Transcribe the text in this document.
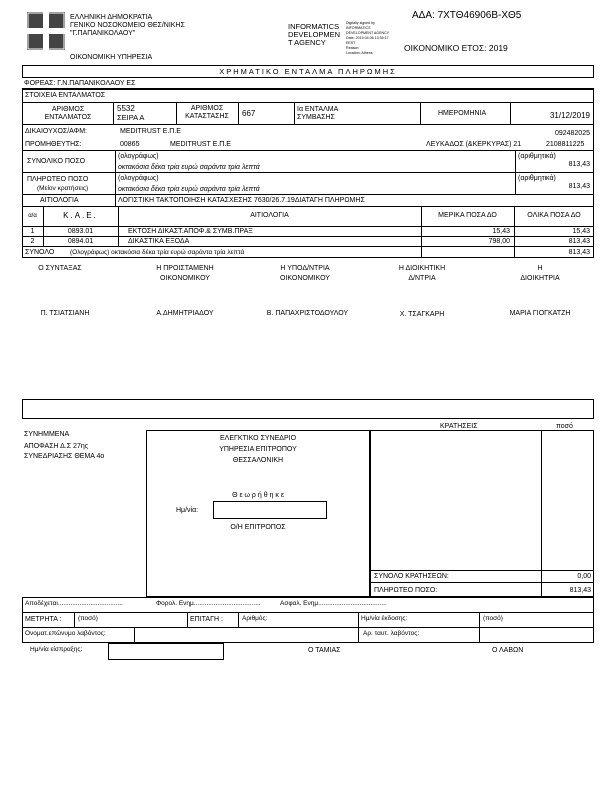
ΕΛΛΗΝΙΚΗ ΔΗΜΟΚΡΑΤΙΑ
ΓΕΝΙΚΟ ΝΟΣΟΚΟΜΕΙΟ ΘΕΣ/ΝΙΚΗΣ
"Γ.ΠΑΠΑΝΙΚΟΛΑΟΥ"
ΟΙΚΟΝΟΜΙΚΗ ΥΠΗΡΕΣΙΑ
INFORMATICS
DEVELOPMEN
T AGENCY
Digitally signed by
INFORMATICS
DEVELOPMENT AGENCY
Date: 2019.04.06 13:35:17
EEST
Reason:
Location: Athens
ΑΔΑ: 7ΧΤΘ46906Β-ΧΘ5
ΟΙΚΟΝΟΜΙΚΟ ΕΤΟΣ: 2019
ΧΡΗΜΑΤΙΚΟ ΕΝΤΑΛΜΑ ΠΛΗΡΩΜΗΣ
ΦΟΡΕΑΣ: Γ.Ν.ΠΑΠΑΝΙΚΟΛΑΟΥ ΕΣ
ΣΤΟΙΧΕΙΑ ΕΝΤΑΛΜΑΤΟΣ
ΑΡΙΘΜΟΣ
ΕΝΤΑΛΜΑΤΟΣ
5532
ΣΕΙΡΑ Α
ΑΡΙΘΜΟΣ
ΚΑΤΑΣΤΑΣΗΣ	667	Ια ΕΝΤΑΛΜΑ
ΣΥΜΒΑΣΗΣ
ΗΜΕΡΟΜΗΝΙΑ	31/12/2019
ΔΙΚΑΙΟΥΧΟΣ/ΑΦΜ:	MEDITRUST E.Π.Ε	092482025
ΠΡΟΜΗΘΕΥΤΗΣ:	00865	MEDITRUST E.Π.Ε	ΛΕΥΚΑΔΟΣ (&ΚΕΡΚΥΡΑΣ) 21	2108811225
ΣΥΝΟΛΙΚΟ ΠΟΣΟ
(ολογράφως)
οκτακόσια δέκα τρία ευρώ σαράντα τρία λεπτά
(αριθμητικά)
813,43
ΠΛΗΡΩΤΕΟ ΠΟΣΟ
(Μείον κρατήσεις)
(ολογράφως)
οκτακόσια δέκα τρία ευρώ σαράντα τρία λεπτά
(αριθμητικά)
813,43
ΑΙΤΙΟΛΟΓΙΑ	ΛΟΓΙΣΤΙΚΗ ΤΑΚΤΟΠΟΙΗΣΗ ΚΑΤΑΣΧΕΣΗΣ 7630/26.7.19ΔΙΑΤΑΓΗ ΠΛΗΡΩΜΗΣ
α/α	Κ.Α.Ε.	ΑΙΤΙΟΛΟΓΙΑ	ΜΕΡΙΚΑ ΠΟΣΑ ΔΟ	ΟΛΙΚΑ ΠΟΣΑ ΔΟ
1	0893.01	ΕΚΤΟΣΗ ΔΙΚΑΣΤ.ΑΠΟΦ.& ΣΥΜΒ.ΠΡΑΞ	15,43	15,43
2	0894.01	ΔΙΚΑΣΤΙΚΑ ΕΞΟΔΑ	798,00	813,43
ΣΥΝΟΛΟ (Ολογράφως) οκτακόσια δέκα τρία ευρώ σαράντα τρία λεπτά	813,43
Ο ΣΥΝΤΑΞΑΣ
Π. ΤΣΙΑΤΣΙΑΝΗ
Η ΠΡΟΙΣΤΑΜΕΝΗ
ΟΙΚΟΝΟΜΙΚΟΥ
Α.ΔΗΜΗΤΡΙΑΔΟΥ
Η ΥΠΟΔ/ΝΤΡΙΑ
ΟΙΚΟΝΟΜΙΚΟΥ
Β. ΠΑΠΑΧΡΙΣΤΟΔΟΥΛΟΥ
Η ΔΙΟΙΚΗΤΙΚΗ
Δ/ΝΤΡΙΑ
Χ. ΤΣΑΓΚΑΡΗ
Η
ΔΙΟΙΚΗΤΡΙΑ
ΜΑΡΙΑ ΓΙΟΓΚΑΤΖΗ
ΣΥΝΗΜΜΕΝΑ
ΑΠΟΦΑΣΗ Δ.Σ 27ης
ΣΥΝΕΔΡΙΑΣΗΣ ΘΕΜΑ 4ο
ΕΛΕΓΚΤΙΚΟ ΣΥΝΕΔΡΙΟ
ΥΠΗΡΕΣΙΑ ΕΠΙΤΡΟΠΟΥ
ΘΕΣΣΑΛΟΝΙΚΗ
Θ ε ω ρ ή θ η κ ε
Ημ/νία:
Ο/Η ΕΠΙΤΡΟΠΟΣ
ΚΡΑΤΗΣΕΙΣ	ποσό
ΣΥΝΟΛΟ ΚΡΑΤΗΣΕΩΝ:	0,00
ΠΛΗΡΩΤΕΟ ΠΟΣΟ:	813,43
Αποδέχεται....................................	Φορολ. Ενημ.....................................	Ασφαλ. Ενημ......................................
ΜΕΤΡΗΤΑ :	(ποσό)	ΕΠΙΤΑΓΗ :	Αριθμός:	Ημ/νία έκδοσης:	(ποσό)
Ονοματ.επώνυμο λαβόντος:	Αρ. ταυτ. λαβόντος:
Ημ/νία είσπραξης:	Ο ΤΑΜΙΑΣ	Ο ΛΑΒΩΝ
